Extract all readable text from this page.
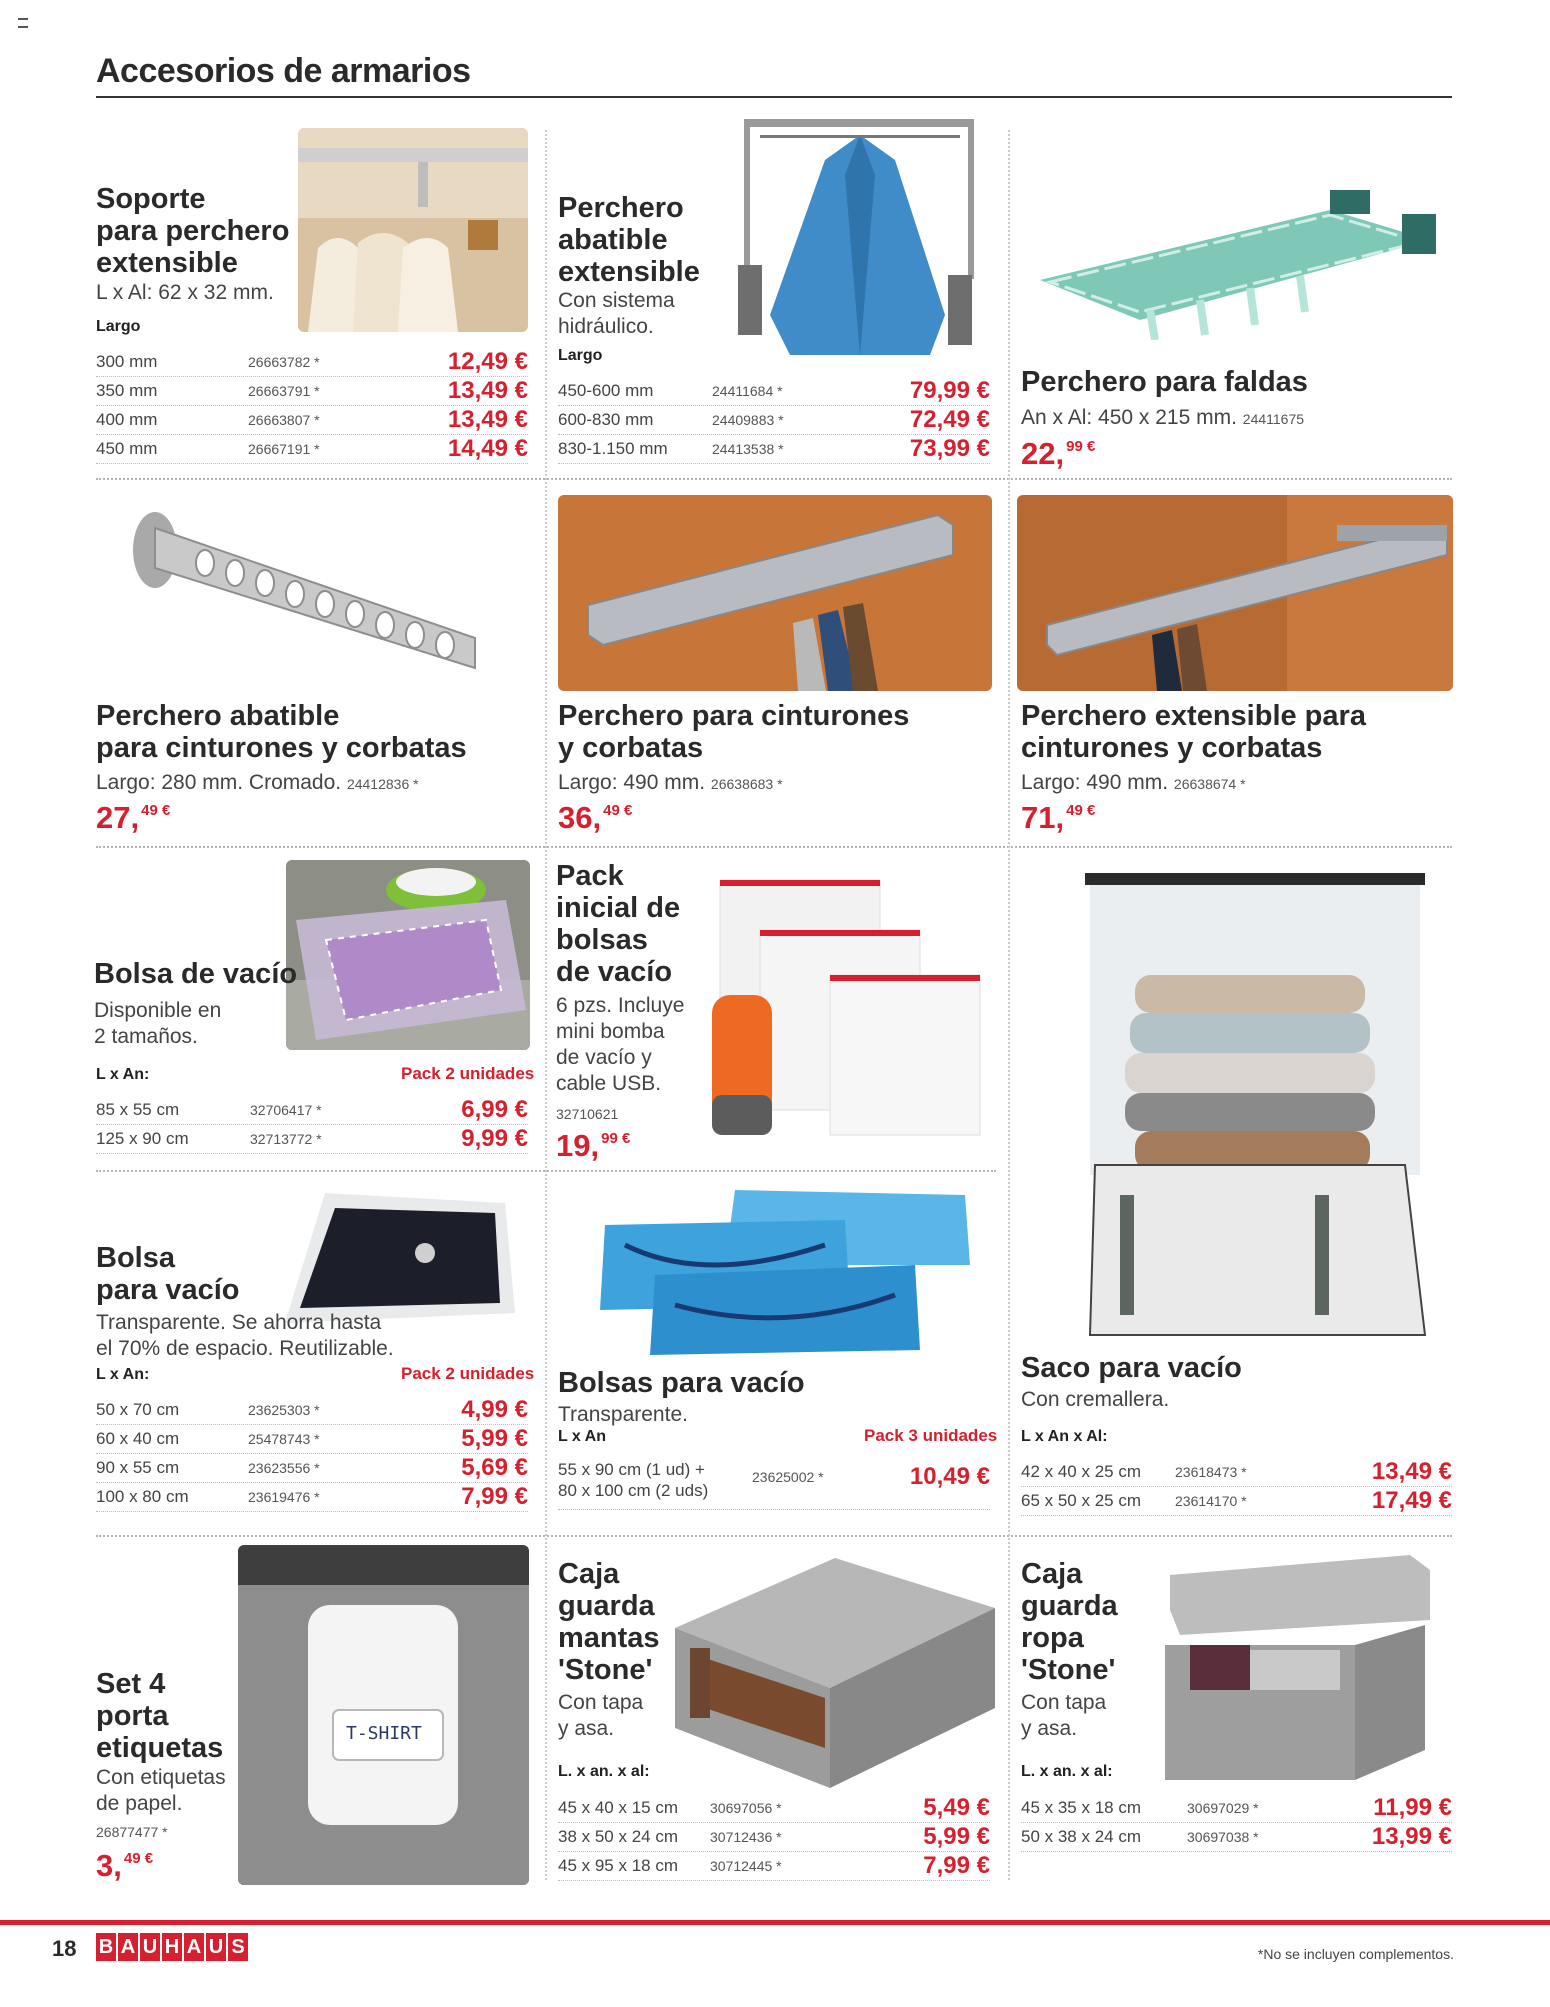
Accesorios de armarios
Soporte
para perchero
extensible
L x Al: 62 x 32 mm.
Largo
300 mm	26663782 *	12,49 €
350 mm	26663791 *	13,49 €
400 mm	26663807 *	13,49 €
450 mm	26667191 *	14,49 €
Perchero
abatible
extensible
Con sistema
hidráulico.
Largo
450-600 mm	24411684 *	79,99 €
600-830 mm	24409883 *	72,49 €
830-1.150 mm	24413538 *	73,99 €
Perchero para faldas
An x Al: 450 x 215 mm. 24411675
22, $^{99 €}$
Perchero abatible
para cinturones y corbatas
Largo: 280 mm. Cromado. 24412836 *
27, $^{49 €}$
Perchero para cinturones
y corbatas
Largo: 490 mm. 26638683 *
36, $^{49 €}$
Perchero extensible para
cinturones y corbatas
Largo: 490 mm. 26638674 *
71, $^{49 €}$
Bolsa de vacío
Disponible en
2 tamaños.
L x An:	Pack 2 unidades
85 x 55 cm	32706417 *	6,99 €
125 x 90 cm	32713772 *	9,99 €
Pack
inicial de
bolsas
de vacío
6 pzs. Incluye
mini bomba
de vacío y
cable USB.
32710621
19, $^{99 €}$
Bolsa
para vacío
Transparente. Se ahorra hasta
el 70% de espacio. Reutilizable.
L x An:	Pack 2 unidades
50 x 70 cm	23625303 *	4,99 €
60 x 40 cm	25478743 *	5,99 €
90 x 55 cm	23623556 *	5,69 €
100 x 80 cm	23619476 *	7,99 €
Bolsas para vacío
Transparente.
L x An	Pack 3 unidades
55 x 90 cm (1 ud) +
80 x 100 cm (2 uds)
23625002 *	10,49 €
Saco para vacío
Con cremallera.
L x An x Al:
42 x 40 x 25 cm 23618473 *	13,49 €
65 x 50 x 25 cm 23614170 *	17,49 €
T-SHIRT
Set 4
porta
etiquetas
Con etiquetas
de papel.
26877477 *
3, $^{49 €}$
Caja
guarda
mantas
'Stone'
Con tapa
y asa.
L. x an. x al:
45 x 40 x 15 cm 30697056 *	5,49 €
38 x 50 x 24 cm 30712436 *	5,99 €
45 x 95 x 18 cm 30712445 *	7,99 €
Caja
guarda
ropa
'Stone'
Con tapa
y asa.
L. x an. x al:
45 x 35 x 18 cm	30697029 *	11,99 €
50 x 38 x 24 cm	30697038 *	13,99 €
18 B A U H A U S	*No se incluyen complementos.
